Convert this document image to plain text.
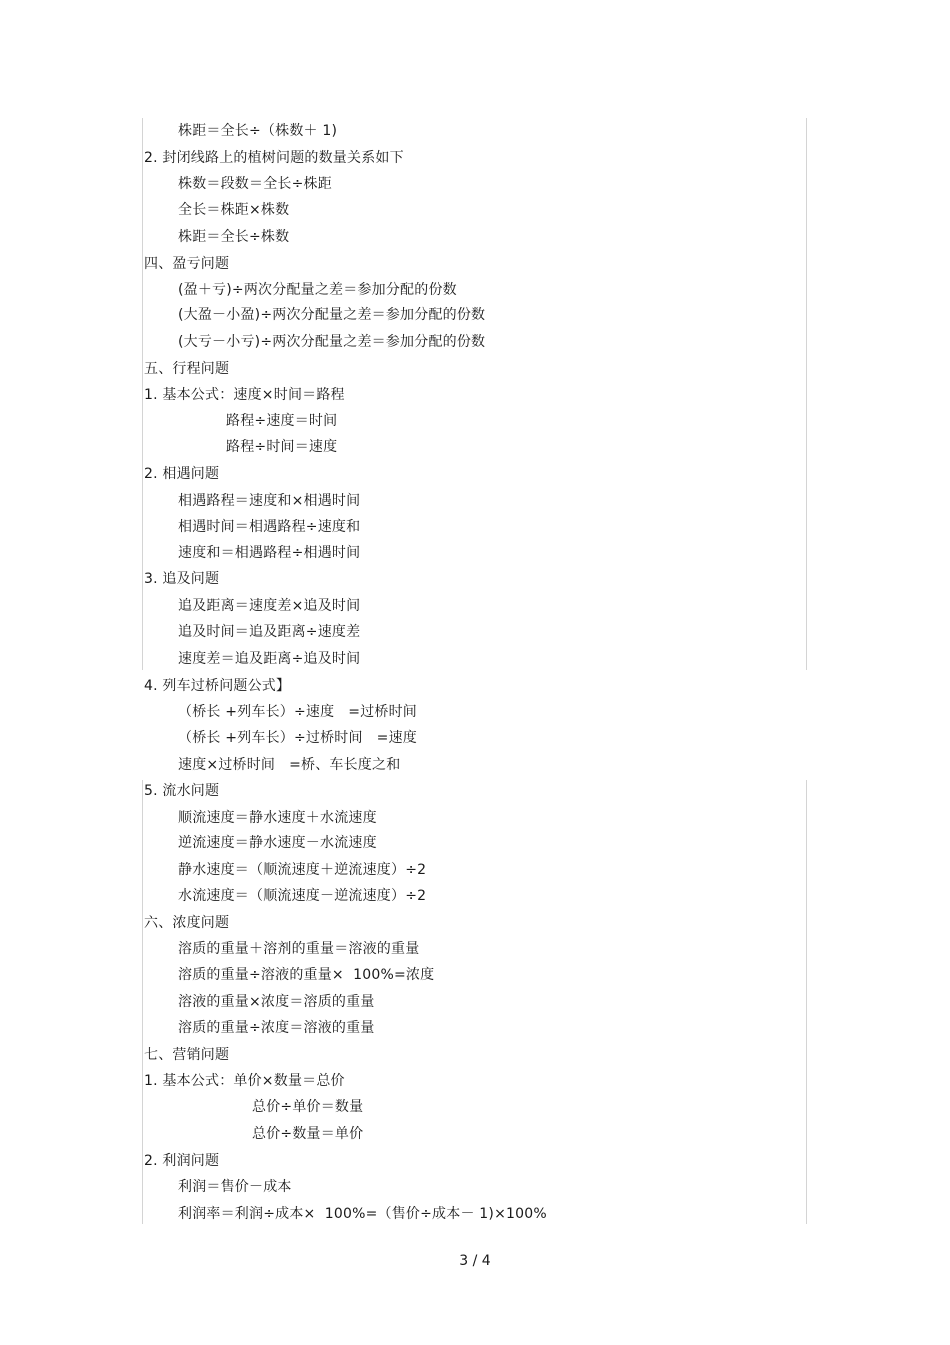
株距＝全长÷（株数＋ 1)
2. 封闭线路上的植树问题的数量关系如下
株数＝段数＝全长÷株距
全长＝株距×株数
株距＝全长÷株数
四、盈亏问题
(盈＋亏)÷两次分配量之差＝参加分配的份数
(大盈－小盈)÷两次分配量之差＝参加分配的份数
(大亏－小亏)÷两次分配量之差＝参加分配的份数
五、行程问题
1. 基本公式：速度×时间＝路程
路程÷速度＝时间
路程÷时间＝速度
2. 相遇问题
相遇路程＝速度和×相遇时间
相遇时间＝相遇路程÷速度和
速度和＝相遇路程÷相遇时间
3. 追及问题
追及距离＝速度差×追及时间
追及时间＝追及距离÷速度差
速度差＝追及距离÷追及时间
4. 列车过桥问题公式】
（桥长 +列车长）÷速度   =过桥时间
（桥长 +列车长）÷过桥时间   =速度
速度×过桥时间   =桥、车长度之和
5. 流水问题
顺流速度＝静水速度＋水流速度
逆流速度＝静水速度－水流速度
静水速度＝（顺流速度＋逆流速度）÷2
水流速度＝（顺流速度－逆流速度）÷2
六、浓度问题
溶质的重量＋溶剂的重量＝溶液的重量
溶质的重量÷溶液的重量×  100%=浓度
溶液的重量×浓度＝溶质的重量
溶质的重量÷浓度＝溶液的重量
七、营销问题
1. 基本公式：单价×数量＝总价
总价÷单价＝数量
总价÷数量＝单价
2. 利润问题
利润＝售价－成本
利润率＝利润÷成本×  100%=（售价÷成本－ 1)×100%
3 / 4
